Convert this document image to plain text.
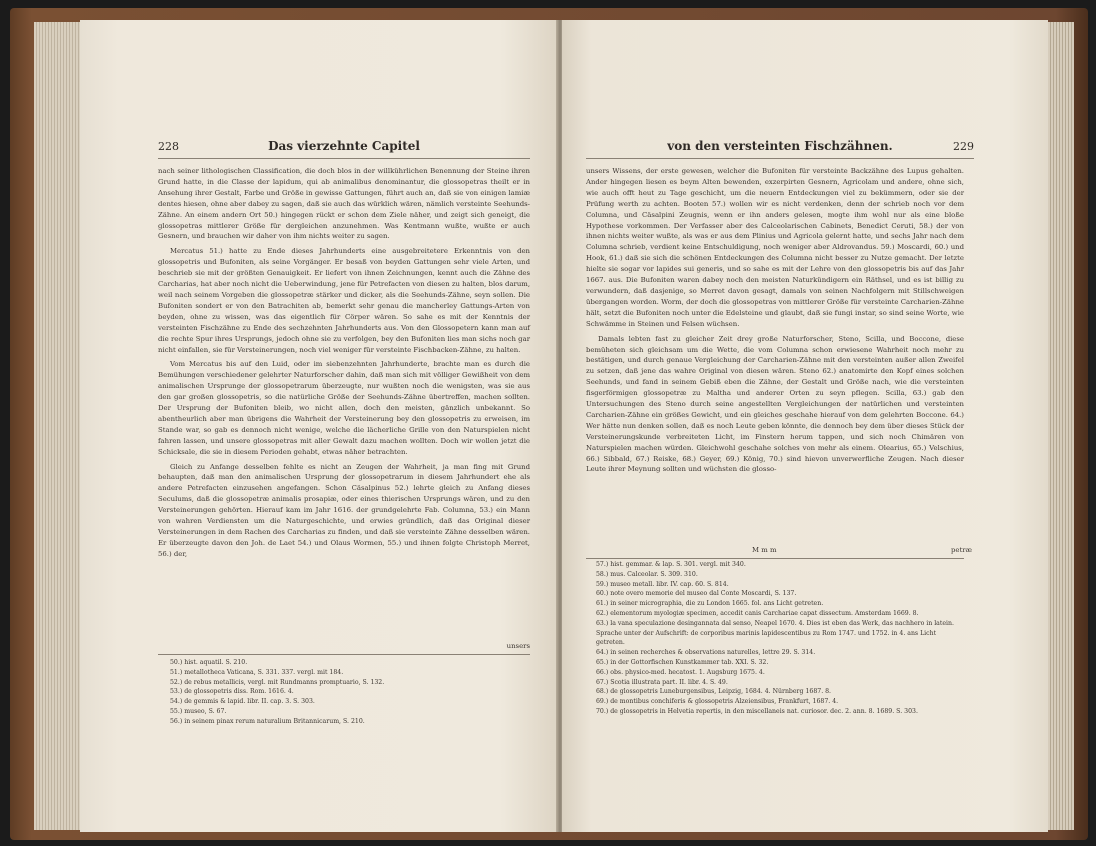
228	Das vierzehnte Capitel

nach seiner lithologischen Classification, die doch blos in der willkührlichen Benennung der Steine ihren Grund hatte, in die Classe der lapidum, qui ab animalibus denominantur, die glossopetras theilt er in Ansehung ihrer Gestalt, Farbe und Größe in gewisse Gattungen, führt auch an, daß sie von einigen lamiæ dentes hiesen, ohne aber dabey zu sagen, daß sie auch das würklich wären, nämlich versteinte Seehunds-Zähne. An einem andern Ort 50.) hingegen rückt er schon dem Ziele näher, und zeigt sich geneigt, die glossopetras mittlerer Größe für dergleichen anzunehmen. Was Kentmann wußte, wußte er auch Gesnern, und brauchen wir daher von ihm nichts weiter zu sagen.

Mercatus 51.) hatte zu Ende dieses Jahrhunderts eine ausgebreitetere Erkenntnis von den glossopetris und Bufoniten, als seine Vorgänger. Er besaß von beyden Gattungen sehr viele Arten, und beschrieb sie mit der größten Genauigkeit. Er liefert von ihnen Zeichnungen, kennt auch die Zähne des Carcharias, hat aber noch nicht die Ueberwindung, jene für Petrefacten von diesen zu halten, blos darum, weil nach seinem Vorgeben die glossopetræ stärker und dicker, als die Seehunds-Zähne, seyn sollen. Die Bufoniten sondert er von den Batrachiten ab, bemerkt sehr genau die mancherley Gattungs-Arten von beyden, ohne zu wissen, was das eigentlich für Cörper wären. So sahe es mit der Kenntnis der versteinten Fischzähne zu Ende des sechzehnten Jahrhunderts aus. Von den Glossopetern kann man auf die rechte Spur ihres Ursprungs, jedoch ohne sie zu verfolgen, bey den Bufoniten lies man sichs noch gar nicht einfallen, sie für Versteinerungen, noch viel weniger für versteinte Fischbacken-Zähne, zu halten.

Vom Mercatus bis auf den Luid, oder im siebenzehnten Jahrhunderte, brachte man es durch die Bemühungen verschiedener gelehrter Naturforscher dahin, daß man sich mit völliger Gewißheit von dem animalischen Ursprunge der glossopetrarum überzeugte, nur wußten noch die wenigsten, was sie aus den gar großen glossopetris, so die natürliche Größe der Seehunds-Zähne übertreffen, machen sollten. Der Ursprung der Bufoniten bleib, wo nicht allen, doch den meisten, gänzlich unbekannt. So abentheurlich aber man übrigens die Wahrheit der Versteinerung bey den glossopetris zu erweisen, im Stande war, so gab es dennoch nicht wenige, welche die lächerliche Grille von den Naturspielen nicht fahren lassen, und unsere glossopetras mit aller Gewalt dazu machen wollten. Doch wir wollen jetzt die Schicksale, die sie in diesem Perioden gehabt, etwas näher betrachten.

Gleich zu Anfange desselben fehlte es nicht an Zeugen der Wahrheit, ja man fing mit Grund behaupten, daß man den animalischen Ursprung der glossopetrarum in diesem Jahrhundert ehe als andere Petrefacten einzusehen angefangen. Schon Cäsalpinus 52.) lehrte gleich zu Anfang dieses Seculums, daß die glossopetræ animalis prosapiæ, oder eines thierischen Ursprungs wären, und zu den Versteinerungen gehörten. Hierauf kam im Jahr 1616. der grundgelehrte Fab. Columna, 53.) ein Mann von wahren Verdiensten um die Naturgeschichte, und erwies gründlich, daß das Original dieser Versteinerungen in dem Rachen des Carcharias zu finden, und daß sie versteinte Zähne desselben wären. Er überzeugte davon den Joh. de Laet 54.) und Olaus Wormen, 55.) und ihnen folgte Christoph Merret, 56.) der,

unsers
50.) hist. aquatil. S. 210.
51.) metallotheca Vaticana, S. 331. 337. vergl. mit 184.
52.) de rebus metallicis, vergl. mit Rundmanns promptuario, S. 132.
53.) de glossopetris diss. Rom. 1616. 4.
54.) de gemmis & lapid. libr. II. cap. 3. S. 303.
55.) museo, S. 67.
56.) in seinem pinax rerum naturalium Britannicarum, S. 210.
von den versteinten Fischzähnen.	229

unsers Wissens, der erste gewesen, welcher die Bufoniten für versteinte Backzähne des Lupus gehalten. Ander hingegen liesen es beym Alten bewenden, exzerpirten Gesnern, Agricolam und andere, ohne sich, wie auch offt heut zu Tage geschicht, um die neuern Entdeckungen viel zu bekümmern, oder sie der Prüfung werth zu achten. Booten 57.) wollen wir es nicht verdenken, denn der schrieb noch vor dem Columna, und Cäsalpini Zeugnis, wenn er ihn anders gelesen, mogte ihm wohl nur als eine bloße Hypothese vorkommen. Der Verfasser aber des Calceolarischen Cabinets, Benedict Ceruti, 58.) der von ihnen nichts weiter wußte, als was er aus dem Plinius und Agricola gelernt hatte, und sechs Jahr nach dem Columna schrieb, verdient keine Entschuldigung, noch weniger aber Aldrovandus. 59.) Moscardi, 60.) und Hook, 61.) daß sie sich die schönen Entdeckungen des Columna nicht besser zu Nutze gemacht. Der letzte hielte sie sogar vor lapides sui generis, und so sahe es mit der Lehre von den glossopetris bis auf das Jahr 1667. aus. Die Bufoniten waren dabey noch den meisten Naturkündigern ein Räthsel, und es ist billig zu verwundern, daß dasjenige, so Merret davon gesagt, damals von seinen Nachfolgern mit Stillschweigen übergangen worden. Worm, der doch die glossopetras von mittlerer Größe für versteinte Carcharien-Zähne hält, setzt die Bufoniten noch unter die Edelsteine und glaubt, daß sie fungi instar, so sind seine Worte, wie Schwämme in Steinen und Felsen wüchsen.

Damals lebten fast zu gleicher Zeit drey große Naturforscher, Steno, Scilla, und Boccone, diese bemüheten sich gleichsam um die Wette, die vom Columna schon erwiesene Wahrheit noch mehr zu bestätigen, und durch genaue Vergleichung der Carcharien-Zähne mit den versteinten außer allen Zweifel zu setzen, daß jene das wahre Original von diesen wären. Steno 62.) anatomirte den Kopf eines solchen Seehunds, und fand in seinem Gebiß eben die Zähne, der Gestalt und Größe nach, wie die versteinten fisgerförmigen glossopetræ zu Maltha und anderer Orten zu seyn pflegen. Scilla, 63.) gab den Untersuchungen des Steno durch seine angestellten Vergleichungen der natürlichen und versteinten Carcharien-Zähne ein größes Gewicht, und ein gleiches geschahe hierauf von dem gelehrten Boccone. 64.) Wer hätte nun denken sollen, daß es noch Leute geben könnte, die dennoch bey dem über dieses Stück der Versteinerungskunde verbreiteten Licht, im Finstern herum tappen, und sich noch Chimären von Naturspielen machen würden. Gleichwohl geschahe solches von mehr als einem. Olearius, 65.) Velschius, 66.) Sibbald, 67.) Reiske, 68.) Geyer, 69.) König, 70.) sind hievon unverwerfliche Zeugen. Nach dieser Leute ihrer Meynung sollten und wüchsten die glosso-

M m m	petræ
57.) hist. gemmar. & lap. S. 301. vergl. mit 340.
58.) mus. Calceolar. S. 309. 310.
59.) museo metall. libr. IV. cap. 60. S. 814.
60.) note overo memorie del museo dal Conte Moscardi, S. 137.
61.) in seiner micrographia, die zu London 1665. fol. ans Licht getreten.
62.) elementorum myologiæ specimen, accedit canis Carchariae capat dissectum. Amsterdam 1669. 8.
63.) la vana speculazione desingannata dal senso, Neapel 1670. 4. Dies ist eben das Werk, das nachhero in latein. Sprache unter der Aufschrift: de corporibus marinis lapidescentibus zu Rom 1747. und 1752. in 4. ans Licht getreten.
64.) in seinen recherches & observations naturelles, lettre 29. S. 314.
65.) in der Gottorfischen Kunstkammer tab. XXI. S. 32.
66.) obs. physico-med. hecatost. 1. Augsburg 1675. 4.
67.) Scotia illustrata part. II. libr. 4. S. 49.
68.) de glossopetris Luneburgensibus, Leipzig, 1684. 4. Nürnberg 1687. 8.
69.) de montibus conchiferis & glossopetris Alzeiensibus, Frankfurt, 1687. 4.
70.) de glossopetris in Helvetia repertis, in den miscellaneis nat. curiosor. dec. 2. ann. 8. 1689. S. 303.
